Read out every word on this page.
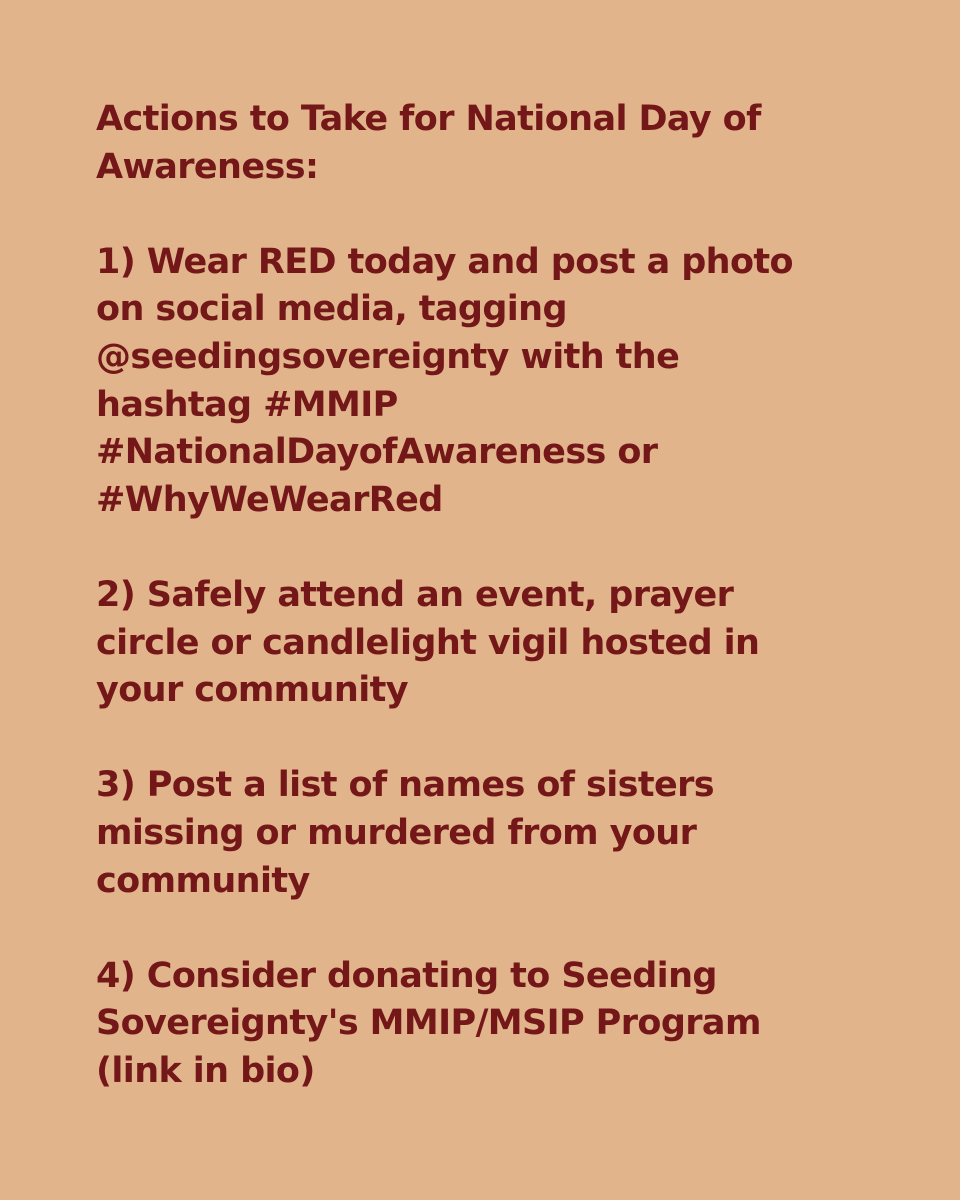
Actions to Take for National Day of
Awareness:
1) Wear RED today and post a photo
on social media, tagging
@seedingsovereignty with the
hashtag #MMIP
#NationalDayofAwareness or
#WhyWeWearRed
2) Safely attend an event, prayer
circle or candlelight vigil hosted in
your community
3) Post a list of names of sisters
missing or murdered from your
community
4) Consider donating to Seeding
Sovereignty's MMIP/MSIP Program
(link in bio)
